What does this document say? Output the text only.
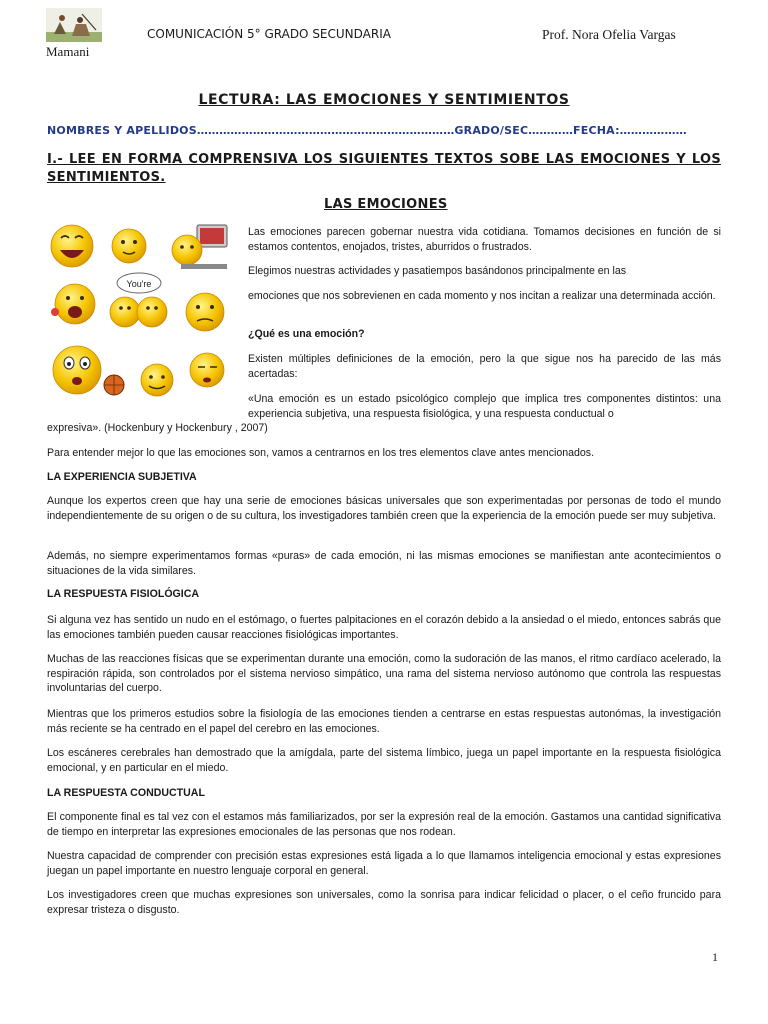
Mamani
COMUNICACIÓN 5° GRADO SECUNDARIA	Prof. Nora Ofelia Vargas
LECTURA: LAS EMOCIONES Y SENTIMIENTOS
NOMBRES Y APELLIDOS……………………………………………………………GRADO/SEC…………FECHA:………………
I.- LEE EN FORMA COMPRENSIVA LOS SIGUIENTES TEXTOS SOBE LAS EMOCIONES Y LOS SENTIMIENTOS.
LAS EMOCIONES
You're
Las emociones parecen gobernar nuestra vida cotidiana. Tomamos decisiones en función de si estamos contentos, enojados, tristes, aburridos o frustrados.
Elegimos nuestras actividades y pasatiempos basándonos principalmente en las
emociones que nos sobrevienen en cada momento y nos incitan a realizar una determinada acción.
¿Qué es una emoción?
Existen múltiples definiciones de la emoción, pero la que sigue nos ha parecido de las más acertadas:
«Una emoción es un estado psicológico complejo que implica tres componentes distintos: una experiencia subjetiva, una respuesta fisiológica, y una respuesta conductual o
expresiva». (Hockenbury y Hockenbury , 2007)
Para entender mejor lo que las emociones son, vamos a centrarnos en los tres elementos clave antes mencionados.
LA EXPERIENCIA SUBJETIVA
Aunque los expertos creen que hay una serie de emociones básicas universales que son experimentadas por personas de todo el mundo independientemente de su origen o de su cultura, los investigadores también creen que la experiencia de la emoción puede ser muy subjetiva.
Además, no siempre experimentamos formas «puras» de cada emoción, ni las mismas emociones se manifiestan ante acontecimientos o situaciones de la vida similares.
LA RESPUESTA FISIOLÓGICA
Si alguna vez has sentido un nudo en el estómago, o fuertes palpitaciones en el corazón debido a la ansiedad o el miedo, entonces sabrás que las emociones también pueden causar reacciones fisiológicas importantes.
Muchas de las reacciones físicas que se experimentan durante una emoción, como la sudoración de las manos, el ritmo cardíaco acelerado, la respiración rápida, son controlados por el sistema nervioso simpático, una rama del sistema nervioso autónomo que controla las respuestas involuntarias del cuerpo.
Mientras que los primeros estudios sobre la fisiología de las emociones tienden a centrarse en estas respuestas autonómas, la investigación más reciente se ha centrado en el papel del cerebro en las emociones.
Los escáneres cerebrales han demostrado que la amígdala, parte del sistema límbico, juega un papel importante en la respuesta fisiológica emocional, y en particular en el miedo.
LA RESPUESTA CONDUCTUAL
El componente final es tal vez con el estamos más familiarizados, por ser la expresión real de la emoción. Gastamos una cantidad significativa de tiempo en interpretar las expresiones emocionales de las personas que nos rodean.
Nuestra capacidad de comprender con precisión estas expresiones está ligada a lo que llamamos inteligencia emocional y estas expresiones juegan un papel importante en nuestro lenguaje corporal en general.
Los investigadores creen que muchas expresiones son universales, como la sonrisa para indicar felicidad o placer, o el ceño fruncido para expresar tristeza o disgusto.
1
